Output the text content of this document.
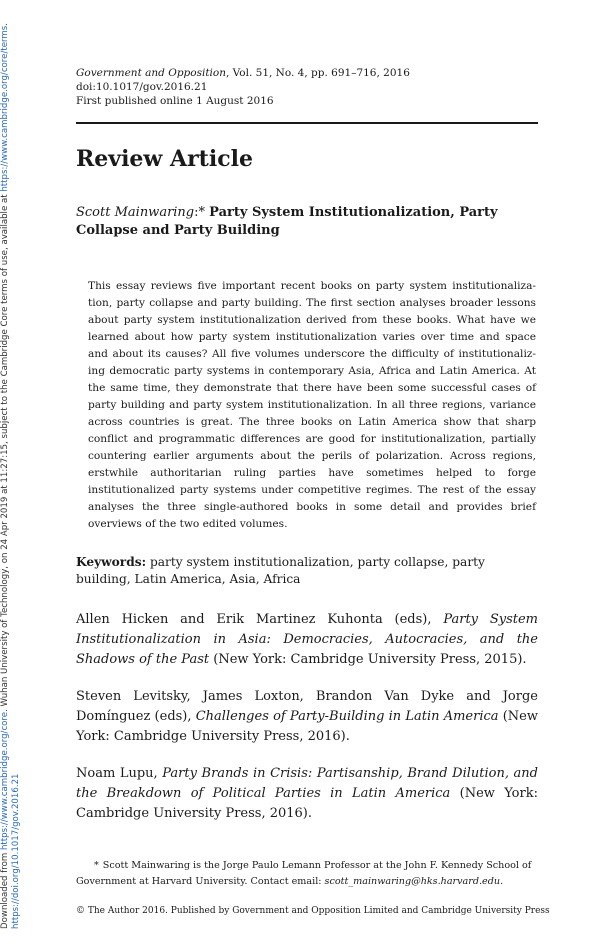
Downloaded from https://www.cambridge.org/core. Wuhan University of Technology, on 24 Apr 2019 at 11:27:15, subject to the Cambridge Core terms of use, available at https://www.cambridge.org/core/terms.
https://doi.org/10.1017/gov.2016.21
Government and Opposition, Vol. 51, No. 4, pp. 691–716, 2016
doi:10.1017/gov.2016.21
First published online 1 August 2016
Review Article
Scott Mainwaring:* Party System Institutionalization, Party Collapse and Party Building
This essay reviews five important recent books on party system institutionaliza-tion, party collapse and party building. The first section analyses broader lessons about party system institutionalization derived from these books. What have we learned about how party system institutionalization varies over time and space and about its causes? All five volumes underscore the difficulty of institutionaliz-ing democratic party systems in contemporary Asia, Africa and Latin America. At the same time, they demonstrate that there have been some successful cases of party building and party system institutionalization. In all three regions, variance across countries is great. The three books on Latin America show that sharp conflict and programmatic differences are good for institutionalization, partially countering earlier arguments about the perils of polarization. Across regions, erstwhile authoritarian ruling parties have sometimes helped to forge institutionalized party systems under competitive regimes. The rest of the essay analyses the three single-authored books in some detail and provides brief overviews of the two edited volumes.
Keywords: party system institutionalization, party collapse, party building, Latin America, Asia, Africa
Allen Hicken and Erik Martinez Kuhonta (eds), Party System Institutionalization in Asia: Democracies, Autocracies, and the Shadows of the Past (New York: Cambridge University Press, 2015).
Steven Levitsky, James Loxton, Brandon Van Dyke and Jorge Domínguez (eds), Challenges of Party-Building in Latin America (New York: Cambridge University Press, 2016).
Noam Lupu, Party Brands in Crisis: Partisanship, Brand Dilution, and the Breakdown of Political Parties in Latin America (New York: Cambridge University Press, 2016).
* Scott Mainwaring is the Jorge Paulo Lemann Professor at the John F. Kennedy School of Government at Harvard University. Contact email: scott_mainwaring@hks.harvard.edu.
© The Author 2016. Published by Government and Opposition Limited and Cambridge University Press
